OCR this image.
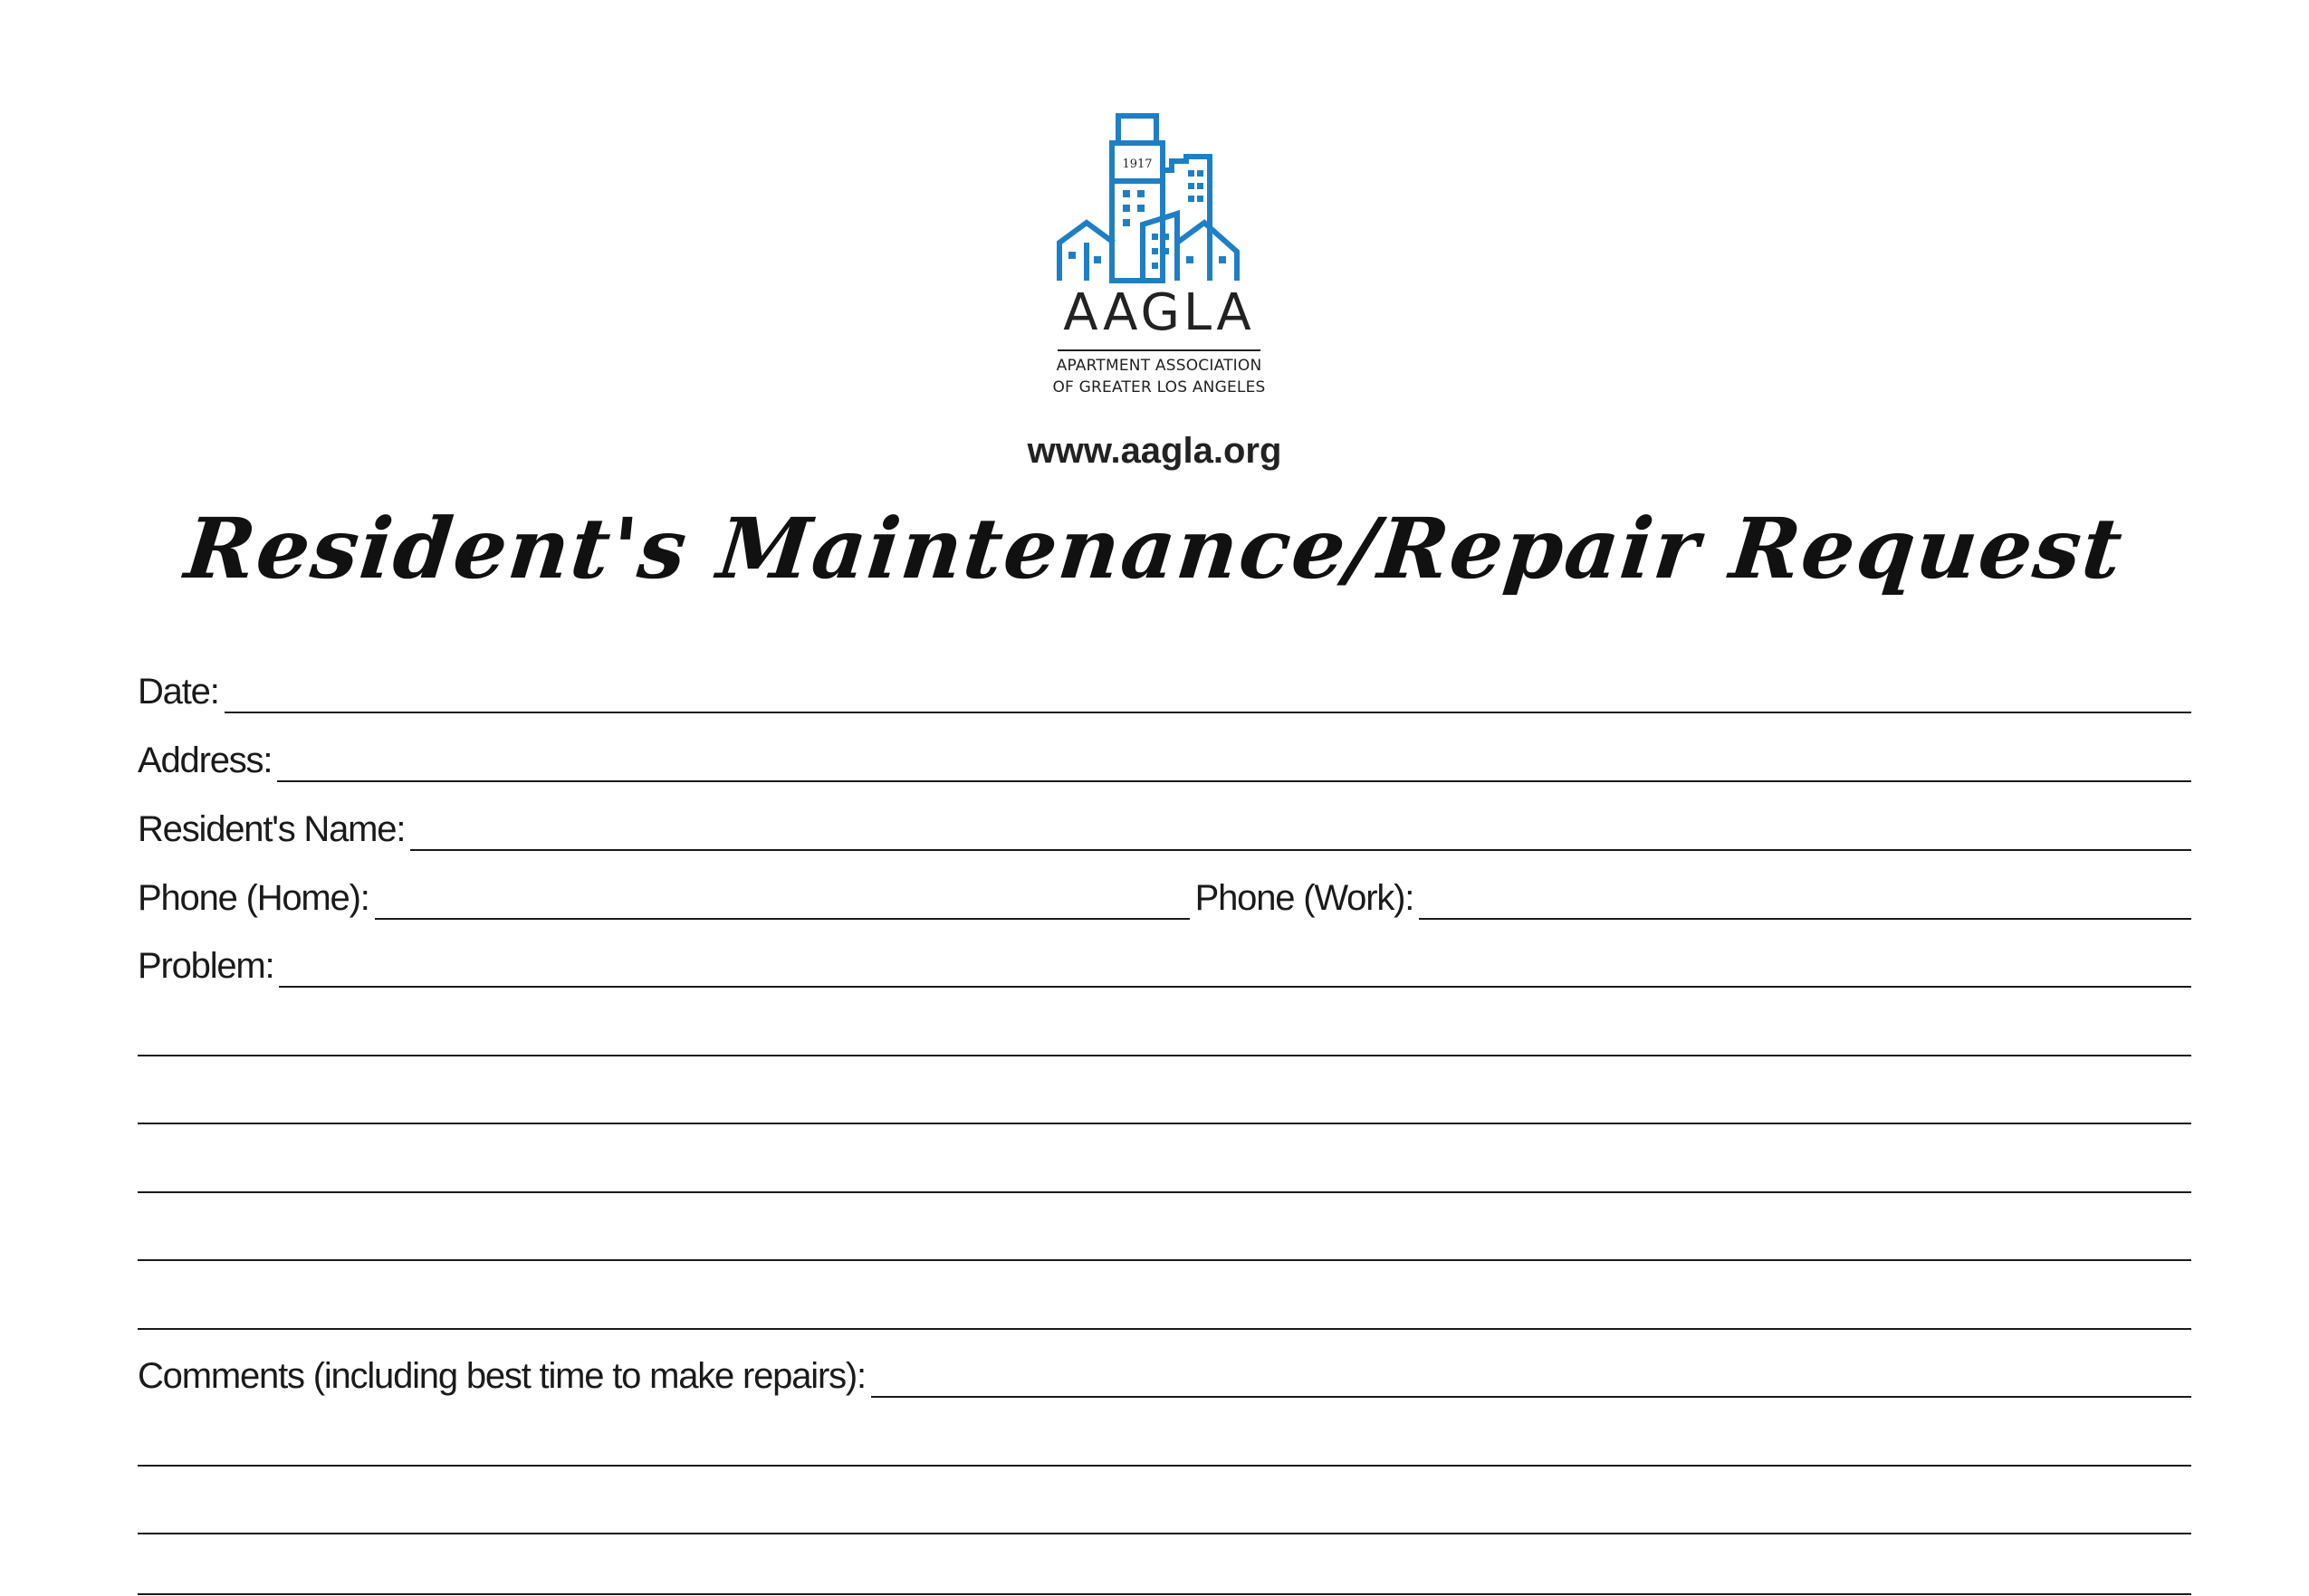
1917
AAGLA
APARTMENT ASSOCIATION
OF GREATER LOS ANGELES
www.aagla.org
Resident's Maintenance/Repair Request
Date:
Address:
Resident's Name:
Phone (Home):	Phone (Work):
Problem:
Comments (including best time to make repairs):
